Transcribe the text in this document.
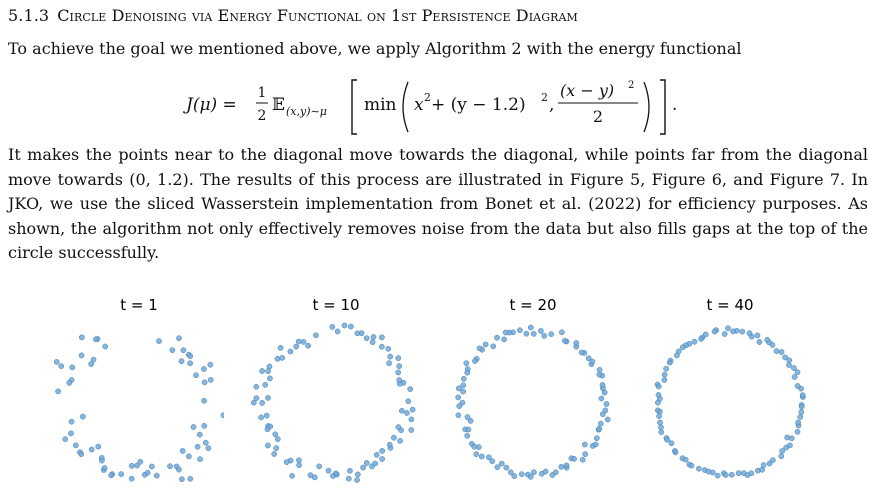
5.1.3 Circle Denoising via Energy Functional on 1st Persistence Diagram

To achieve the goal we mentioned above, we apply Algorithm 2 with the energy functional

J(μ) =
1
2
𝔼 (x,y)∼μ min x 2 + (y − 1.2) 2 ,
(x − y) 2
2
.

It makes the points near to the diagonal move towards the diagonal, while points far from the diagonal move towards (0, 1.2). The results of this process are illustrated in Figure 5, Figure 6, and Figure 7. In JKO, we use the sliced Wasserstein implementation from Bonet et al. (2022) for efficiency purposes. As shown, the algorithm not only effectively removes noise from the data but also fills gaps at the top of the circle successfully.

t = 1	t = 10	t = 20	t = 40
